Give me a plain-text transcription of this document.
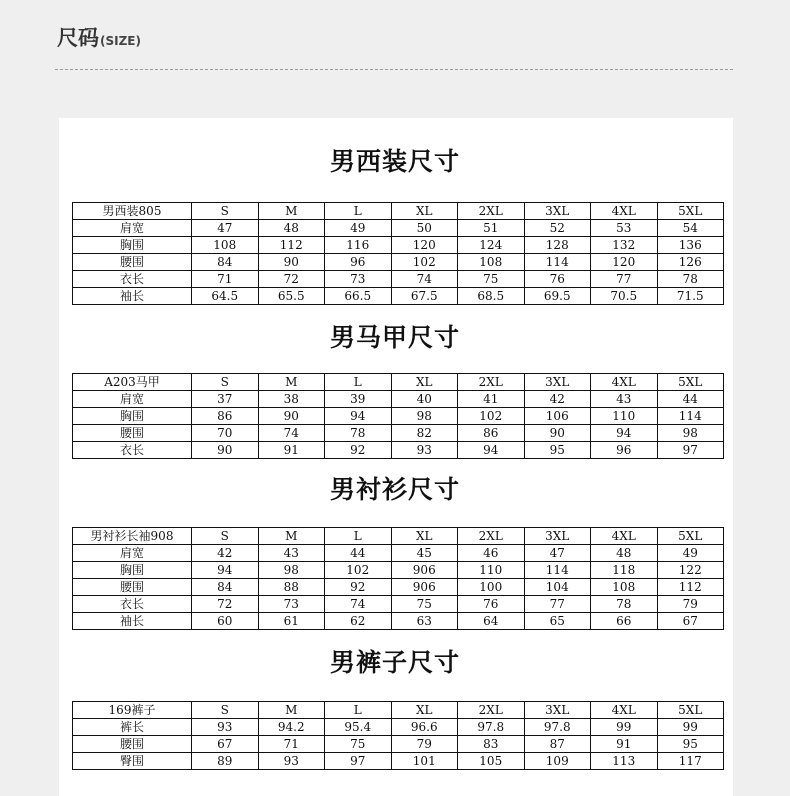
尺码(SIZE)
男西装尺寸
男西装805	S	M	L	XL	2XL	3XL	4XL	5XL
肩宽	47	48	49	50	51	52	53	54
胸围	108	112	116	120	124	128	132	136
腰围	84	90	96	102	108	114	120	126
衣长	71	72	73	74	75	76	77	78
袖长	64.5	65.5	66.5	67.5	68.5	69.5	70.5	71.5
男马甲尺寸
A203马甲	S	M	L	XL	2XL	3XL	4XL	5XL
肩宽	37	38	39	40	41	42	43	44
胸围	86	90	94	98	102	106	110	114
腰围	70	74	78	82	86	90	94	98
衣长	90	91	92	93	94	95	96	97
男衬衫尺寸
男衬衫长袖908	S	M	L	XL	2XL	3XL	4XL	5XL
肩宽	42	43	44	45	46	47	48	49
胸围	94	98	102	906	110	114	118	122
腰围	84	88	92	906	100	104	108	112
衣长	72	73	74	75	76	77	78	79
袖长	60	61	62	63	64	65	66	67
男裤子尺寸
169裤子	S	M	L	XL	2XL	3XL	4XL	5XL
裤长	93	94.2	95.4	96.6	97.8	97.8	99	99
腰围	67	71	75	79	83	87	91	95
臀围	89	93	97	101	105	109	113	117
